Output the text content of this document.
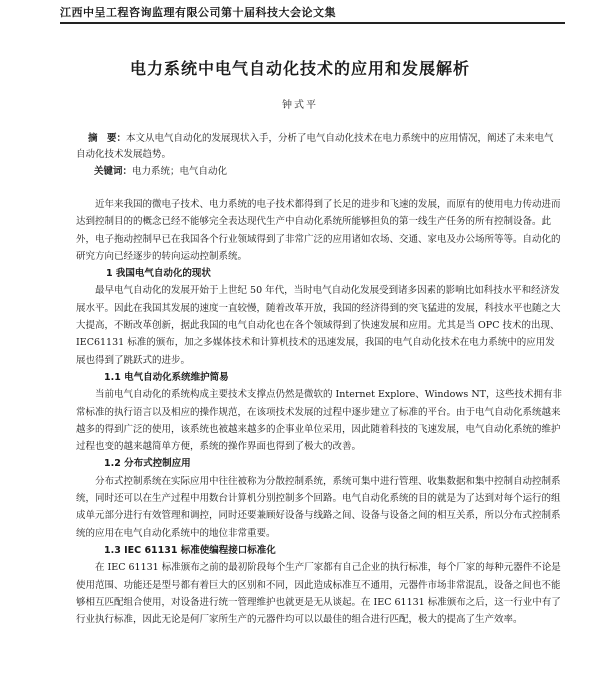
江西中呈工程咨询监理有限公司第十届科技大会论文集
电力系统中电气自动化技术的应用和发展解析
钟式平
摘　要：本文从电气自动化的发展现状入手，分析了电气自动化技术在电力系统中的应用情况，阐述了未来电气自动化技术发展趋势。
关键词：电力系统；电气自动化

近年来我国的微电子技术、电力系统的电子技术都得到了长足的进步和飞速的发展，而原有的使用电力传动进而达到控制目的的概念已经不能够完全表达现代生产中自动化系统所能够担负的第一线生产任务的所有控制设备。此外，电子拖动控制早已在我国各个行业领域得到了非常广泛的应用诸如农场、交通、家电及办公场所等等。自动化的研究方向已经逐步的转向运动控制系统。

1 我国电气自动化的现状

最早电气自动化的发展开始于上世纪 50 年代，当时电气自动化发展受到诸多因素的影响比如科技水平和经济发展水平。因此在我国其发展的速度一直较慢，随着改革开放，我国的经济得到的突飞猛进的发展，科技水平也随之大大提高，不断改革创新，据此我国的电气自动化也在各个领域得到了快速发展和应用。尤其是当 OPC 技术的出现、IEC61131 标准的颁布，加之多媒体技术和计算机技术的迅速发展，我国的电气自动化技术在电力系统中的应用发展也得到了跳跃式的进步。

1.1 电气自动化系统维护简易

当前电气自动化的系统构成主要技术支撑点仍然是微软的 Internet Explore、Windows NT，这些技术拥有非常标准的执行语言以及相应的操作规范，在该项技术发展的过程中逐步建立了标准的平台。由于电气自动化系统越来越多的得到广泛的使用，该系统也被越来越多的企事业单位采用，因此随着科技的飞速发展，电气自动化系统的维护过程也变的越来越简单方便，系统的操作界面也得到了极大的改善。

1.2 分布式控制应用

分布式控制系统在实际应用中往往被称为分散控制系统，系统可集中进行管理、收集数据和集中控制自动控制系统，同时还可以在生产过程中用数台计算机分别控制多个回路。电气自动化系统的目的就是为了达到对每个运行的组成单元部分进行有效管理和调控，同时还要兼顾好设备与线路之间、设备与设备之间的相互关系，所以分布式控制系统的应用在电气自动化系统中的地位非常重要。

1.3 IEC 61131 标准使编程接口标准化

在 IEC 61131 标准颁布之前的最初阶段每个生产厂家都有自己企业的执行标准，每个厂家的每种元器件不论是使用范围、功能还是型号都有着巨大的区别和不同，因此造成标准互不通用，元器件市场非常混乱，设备之间也不能够相互匹配组合使用，对设备进行统一管理维护也就更是无从谈起。在 IEC 61131 标准颁布之后，这一行业中有了行业执行标准，因此无论是何厂家所生产的元器件均可以以最佳的组合进行匹配，极大的提高了生产效率。
